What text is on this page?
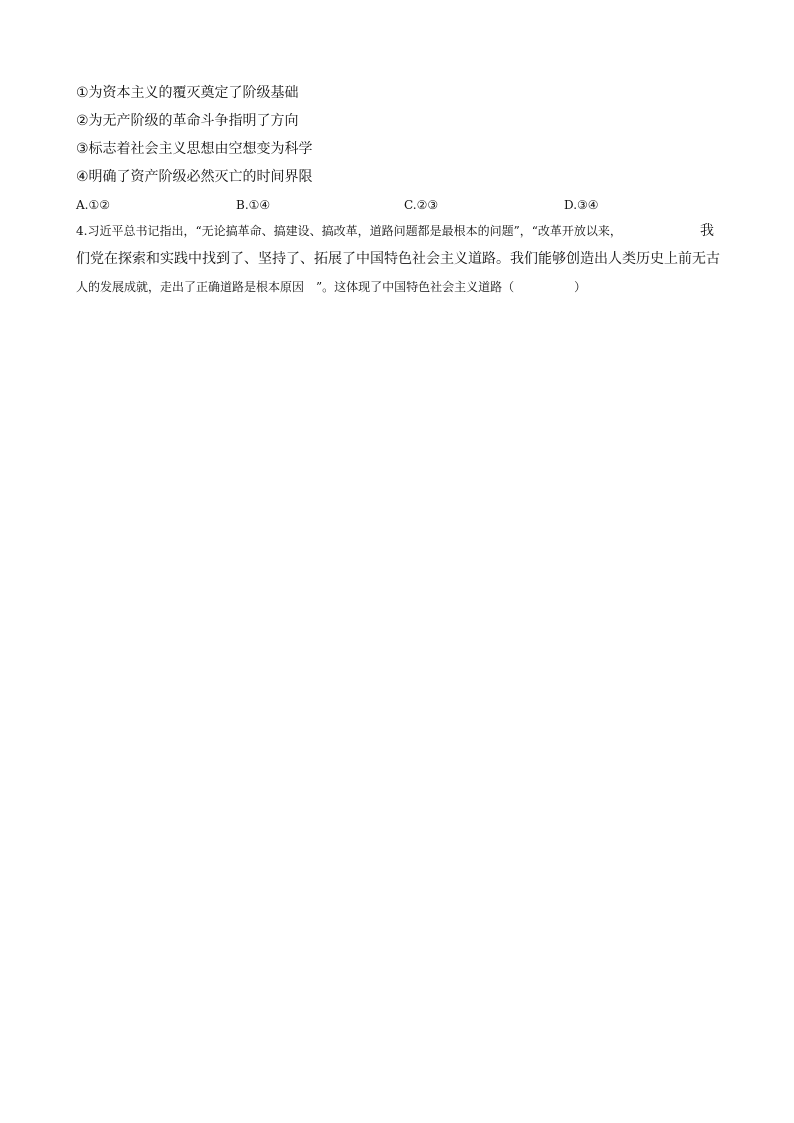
①为资本主义的覆灭奠定了阶级基础
②为无产阶级的革命斗争指明了方向
③标志着社会主义思想由空想变为科学
④明确了资产阶级必然灭亡的时间界限
A.①②	B.①④	C.②③	D.③④
4.习近平总书记指出，“无论搞革命、搞建设、搞改革，道路问题都是最根本的问题”，“改革开放以来，	我
们党在探索和实践中找到了、坚持了、拓展了中国特色社会主义道路。我们能够创造出人类历史上前无古
人的发展成就，走出了正确道路是根本原因　”。这体现了中国特色社会主义道路（　　　　　）
